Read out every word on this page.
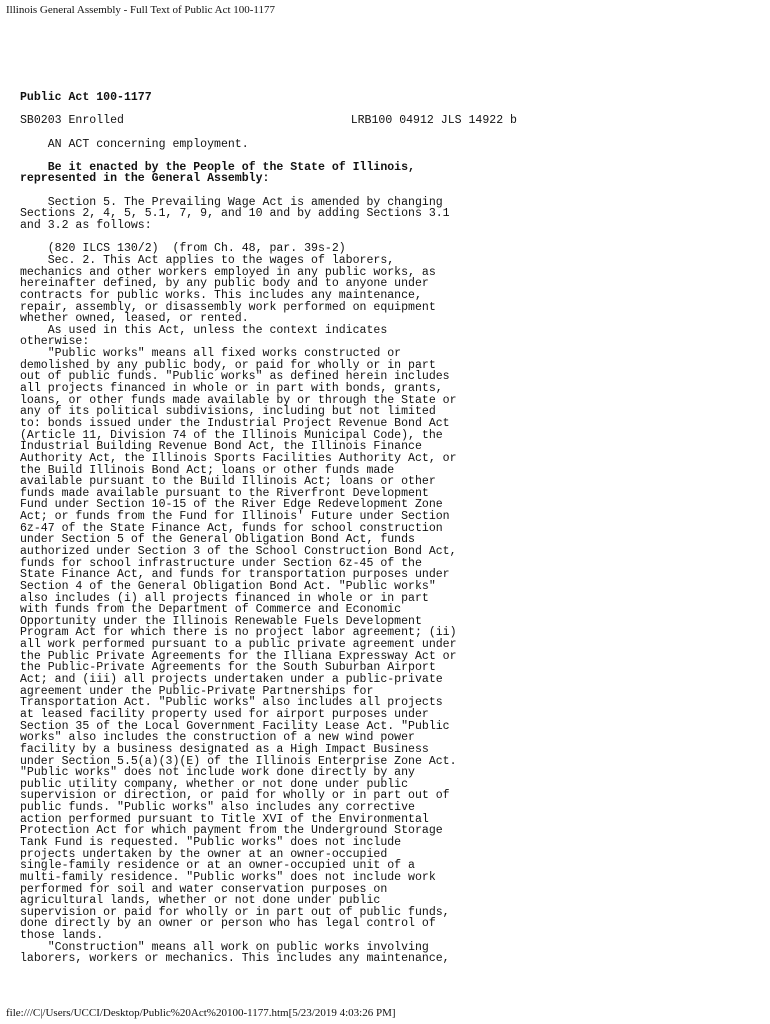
Illinois General Assembly - Full Text of Public Act 100-1177
Public Act 100-1177
SB0203 Enrolled	LRB100 04912 JLS 14922 b
AN ACT concerning employment.
Be it enacted by the People of the State of Illinois,
represented in the General Assembly:
Section 5. The Prevailing Wage Act is amended by changing
Sections 2, 4, 5, 5.1, 7, 9, and 10 and by adding Sections 3.1
and 3.2 as follows:
(820 ILCS 130/2)  (from Ch. 48, par. 39s-2)
Sec. 2. This Act applies to the wages of laborers,
mechanics and other workers employed in any public works, as
hereinafter defined, by any public body and to anyone under
contracts for public works. This includes any maintenance,
repair, assembly, or disassembly work performed on equipment
whether owned, leased, or rented.
As used in this Act, unless the context indicates
otherwise:
"Public works" means all fixed works constructed or
demolished by any public body, or paid for wholly or in part
out of public funds. "Public works" as defined herein includes
all projects financed in whole or in part with bonds, grants,
loans, or other funds made available by or through the State or
any of its political subdivisions, including but not limited
to: bonds issued under the Industrial Project Revenue Bond Act
(Article 11, Division 74 of the Illinois Municipal Code), the
Industrial Building Revenue Bond Act, the Illinois Finance
Authority Act, the Illinois Sports Facilities Authority Act, or
the Build Illinois Bond Act; loans or other funds made
available pursuant to the Build Illinois Act; loans or other
funds made available pursuant to the Riverfront Development
Fund under Section 10-15 of the River Edge Redevelopment Zone
Act; or funds from the Fund for Illinois' Future under Section
6z-47 of the State Finance Act, funds for school construction
under Section 5 of the General Obligation Bond Act, funds
authorized under Section 3 of the School Construction Bond Act,
funds for school infrastructure under Section 6z-45 of the
State Finance Act, and funds for transportation purposes under
Section 4 of the General Obligation Bond Act. "Public works"
also includes (i) all projects financed in whole or in part
with funds from the Department of Commerce and Economic
Opportunity under the Illinois Renewable Fuels Development
Program Act for which there is no project labor agreement; (ii)
all work performed pursuant to a public private agreement under
the Public Private Agreements for the Illiana Expressway Act or
the Public-Private Agreements for the South Suburban Airport
Act; and (iii) all projects undertaken under a public-private
agreement under the Public-Private Partnerships for
Transportation Act. "Public works" also includes all projects
at leased facility property used for airport purposes under
Section 35 of the Local Government Facility Lease Act. "Public
works" also includes the construction of a new wind power
facility by a business designated as a High Impact Business
under Section 5.5(a)(3)(E) of the Illinois Enterprise Zone Act.
"Public works" does not include work done directly by any
public utility company, whether or not done under public
supervision or direction, or paid for wholly or in part out of
public funds. "Public works" also includes any corrective
action performed pursuant to Title XVI of the Environmental
Protection Act for which payment from the Underground Storage
Tank Fund is requested. "Public works" does not include
projects undertaken by the owner at an owner-occupied
single-family residence or at an owner-occupied unit of a
multi-family residence. "Public works" does not include work
performed for soil and water conservation purposes on
agricultural lands, whether or not done under public
supervision or paid for wholly or in part out of public funds,
done directly by an owner or person who has legal control of
those lands.
"Construction" means all work on public works involving
laborers, workers or mechanics. This includes any maintenance,
file:///C|/Users/UCCI/Desktop/Public%20Act%20100-1177.htm[5/23/2019 4:03:26 PM]
